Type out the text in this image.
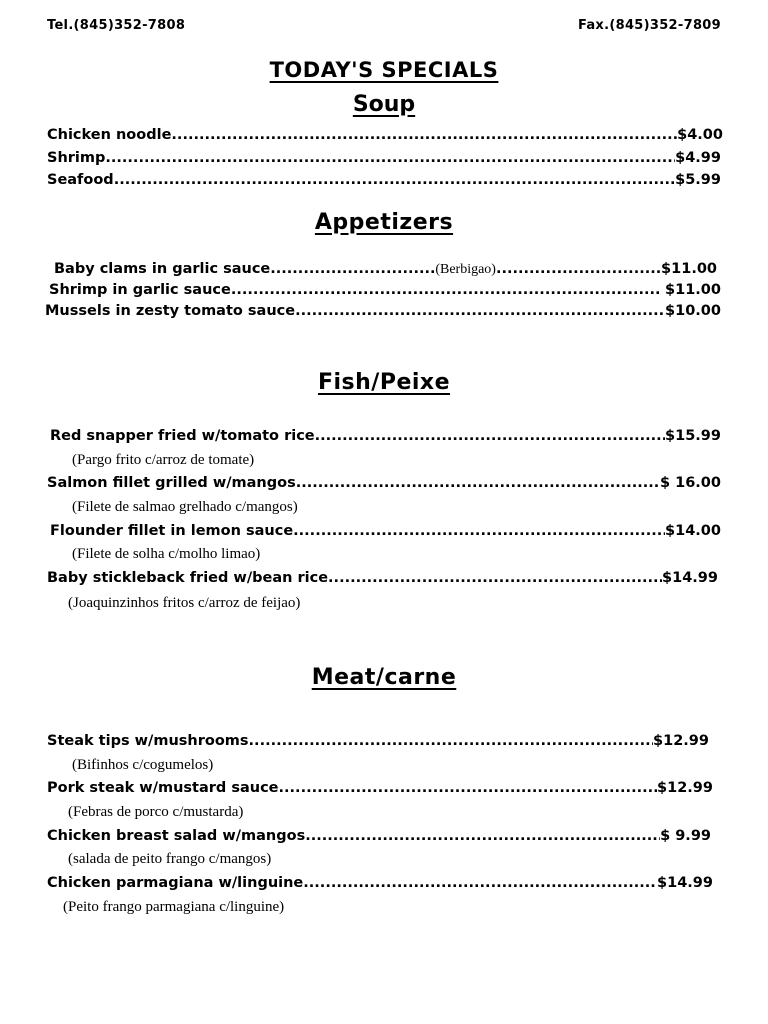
Tel.(845)352-7808	Fax.(845)352-7809
TODAY'S SPECIALS
Soup
Chicken noodle .....	$4.00
Shrimp .....	$4.99
Seafood .....	$5.99
Appetizers
Baby clams in garlic sauce .....	(Berbigao) .....	$11.00
Shrimp in garlic sauce .....	$11.00
Mussels in zesty tomato sauce .....	$10.00
Fish/Peixe
Red snapper fried w/tomato rice .....	$15.99
(Pargo frito c/arroz de tomate)
Salmon fillet grilled w/mangos .....	$ 16.00
(Filete de salmao grelhado c/mangos)
Flounder fillet in lemon sauce .....	$14.00
(Filete de solha c/molho limao)
Baby stickleback fried w/bean rice .....	$14.99
(Joaquinzinhos fritos c/arroz de feijao)
Meat/carne
Steak tips w/mushrooms .....	$12.99
(Bifinhos c/cogumelos)
Pork steak w/mustard sauce .....	$12.99
(Febras de porco c/mustarda)
Chicken breast salad w/mangos .....	$ 9.99
(salada de peito frango c/mangos)
Chicken parmagiana w/linguine .....	$14.99
(Peito frango parmagiana c/linguine)
